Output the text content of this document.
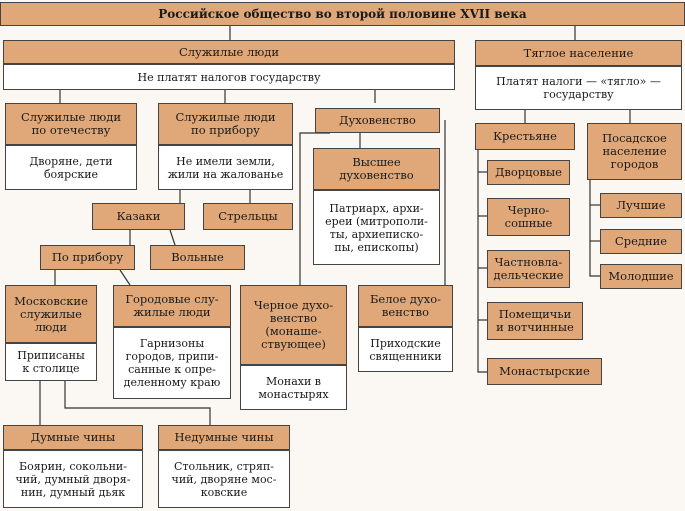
Российское общество во второй половине XVII века
Служилые люди
Не платят налогов государству
Служилые люди
по отечеству
Дворяне, дети
боярские
Служилые люди
по прибору
Не имели земли,
жили на жалованье
Казаки	Стрельцы
По прибору	Вольные
Московские
служилые
люди
Приписаны
к столице
Городовые слу-
жилые люди
Гарнизоны
городов, припи-
санные к опре-
деленному краю
Думные чины
Боярин, сокольни-
чий, думный дворя-
нин, думный дьяк
Недумные чины
Стольник, стряп-
чий, дворяне мос-
ковские
Духовенство
Высшее
духовенство
Патриарх, архи-
ереи (митрополи-
ты, архиеписко-
пы, епископы)
Черное духо-
венство
(монаше-
ствующее)
Монахи в
монастырях
Белое духо-
венство
Приходские
священники
Тяглое население
Платят налоги — «тягло» —
государству
Крестьяне
Дворцовые
Черно-
сошные
Частновла-
дельческие
Помещичьи
и вотчинные
Монастырские
Посадское
население
городов
Лучшие
Средние
Молодшие
